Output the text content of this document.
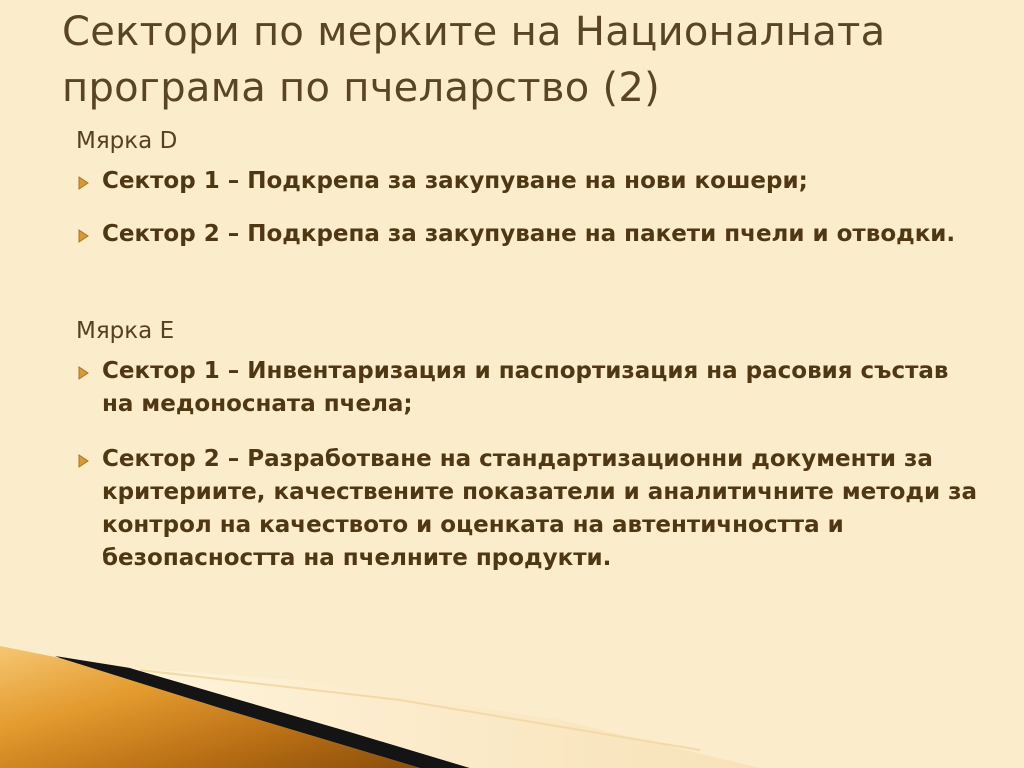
Сектори по мерките на Националната програма по пчеларство (2)
Мярка D
Сектор 1 – Подкрепа за закупуване на нови кошери;
Сектор 2 – Подкрепа за закупуване на пакети пчели и отводки.
Мярка E
Сектор 1 – Инвентаризация и паспортизация на расовия състав на медоносната пчела;
Сектор 2 – Разработване на стандартизационни документи за критериите, качествените показатели и аналитичните методи за контрол на качеството и оценката на автентичността и безопасността на пчелните продукти.
